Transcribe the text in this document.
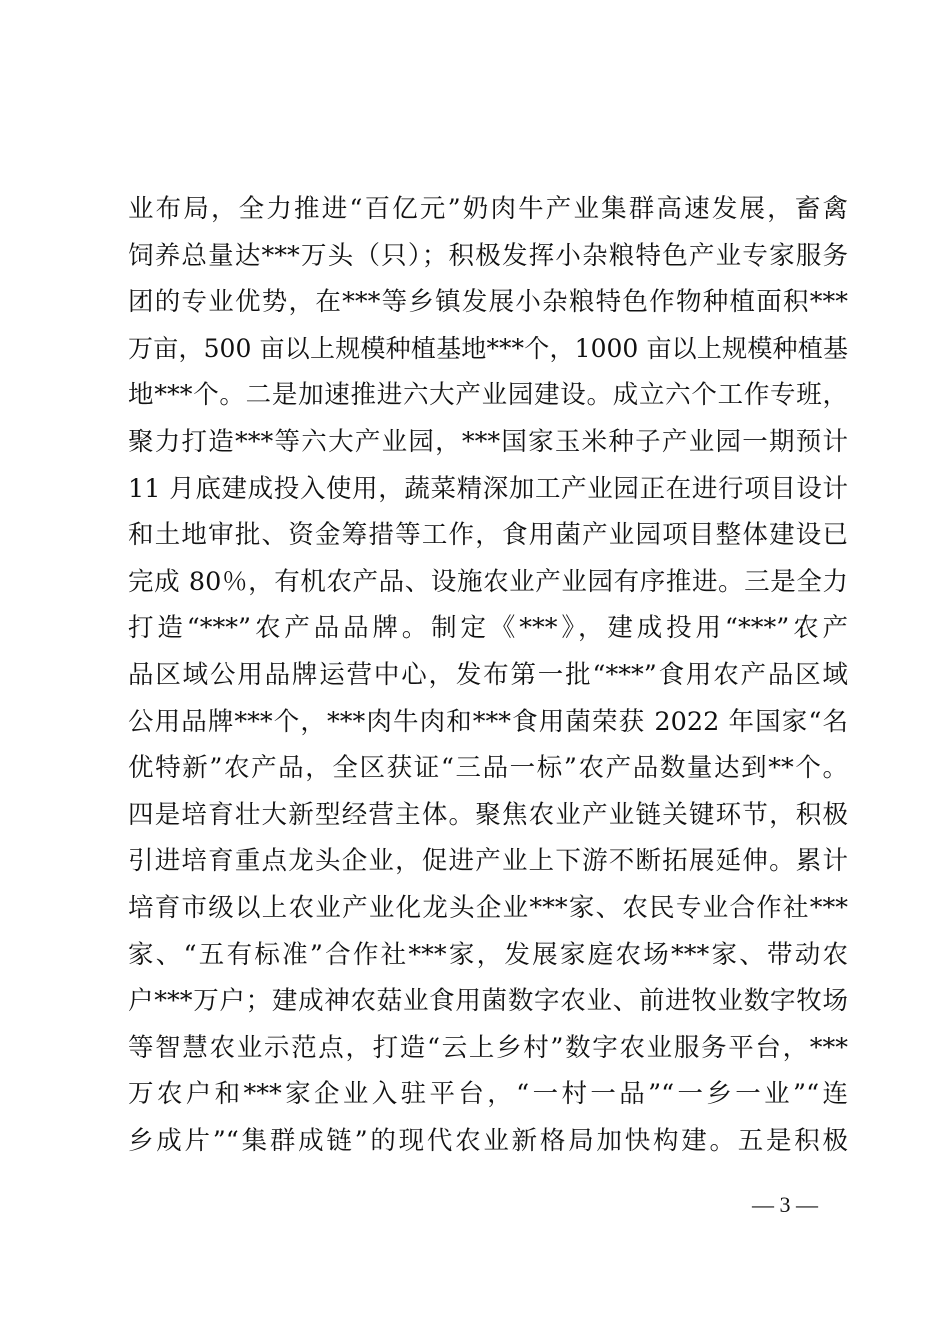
业布局，全力推进“百亿元”奶肉牛产业集群高速发展，畜禽
饲养总量达***万头（只）；积极发挥小杂粮特色产业专家服务
团的专业优势，在***等乡镇发展小杂粮特色作物种植面积***
万亩，500 亩以上规模种植基地***个，1000 亩以上规模种植基
地***个。二是加速推进六大产业园建设。成立六个工作专班，
聚力打造***等六大产业园，***国家玉米种子产业园一期预计
11 月底建成投入使用，蔬菜精深加工产业园正在进行项目设计
和土地审批、资金筹措等工作，食用菌产业园项目整体建设已
完成 80％，有机农产品、设施农业产业园有序推进。三是全力
打造“***”农产品品牌。制定《***》，建成投用“***”农产
品区域公用品牌运营中心，发布第一批“***”食用农产品区域
公用品牌***个，***肉牛肉和***食用菌荣获 2022 年国家“名
优特新”农产品，全区获证“三品一标”农产品数量达到**个。
四是培育壮大新型经营主体。聚焦农业产业链关键环节，积极
引进培育重点龙头企业，促进产业上下游不断拓展延伸。累计
培育市级以上农业产业化龙头企业***家、农民专业合作社***
家、“五有标准”合作社***家，发展家庭农场***家、带动农
户***万户；建成神农菇业食用菌数字农业、前进牧业数字牧场
等智慧农业示范点，打造“云上乡村”数字农业服务平台，***
万农户和***家企业入驻平台，“一村一品”“一乡一业”“连
乡成片”“集群成链”的现代农业新格局加快构建。五是积极
— 3 —
